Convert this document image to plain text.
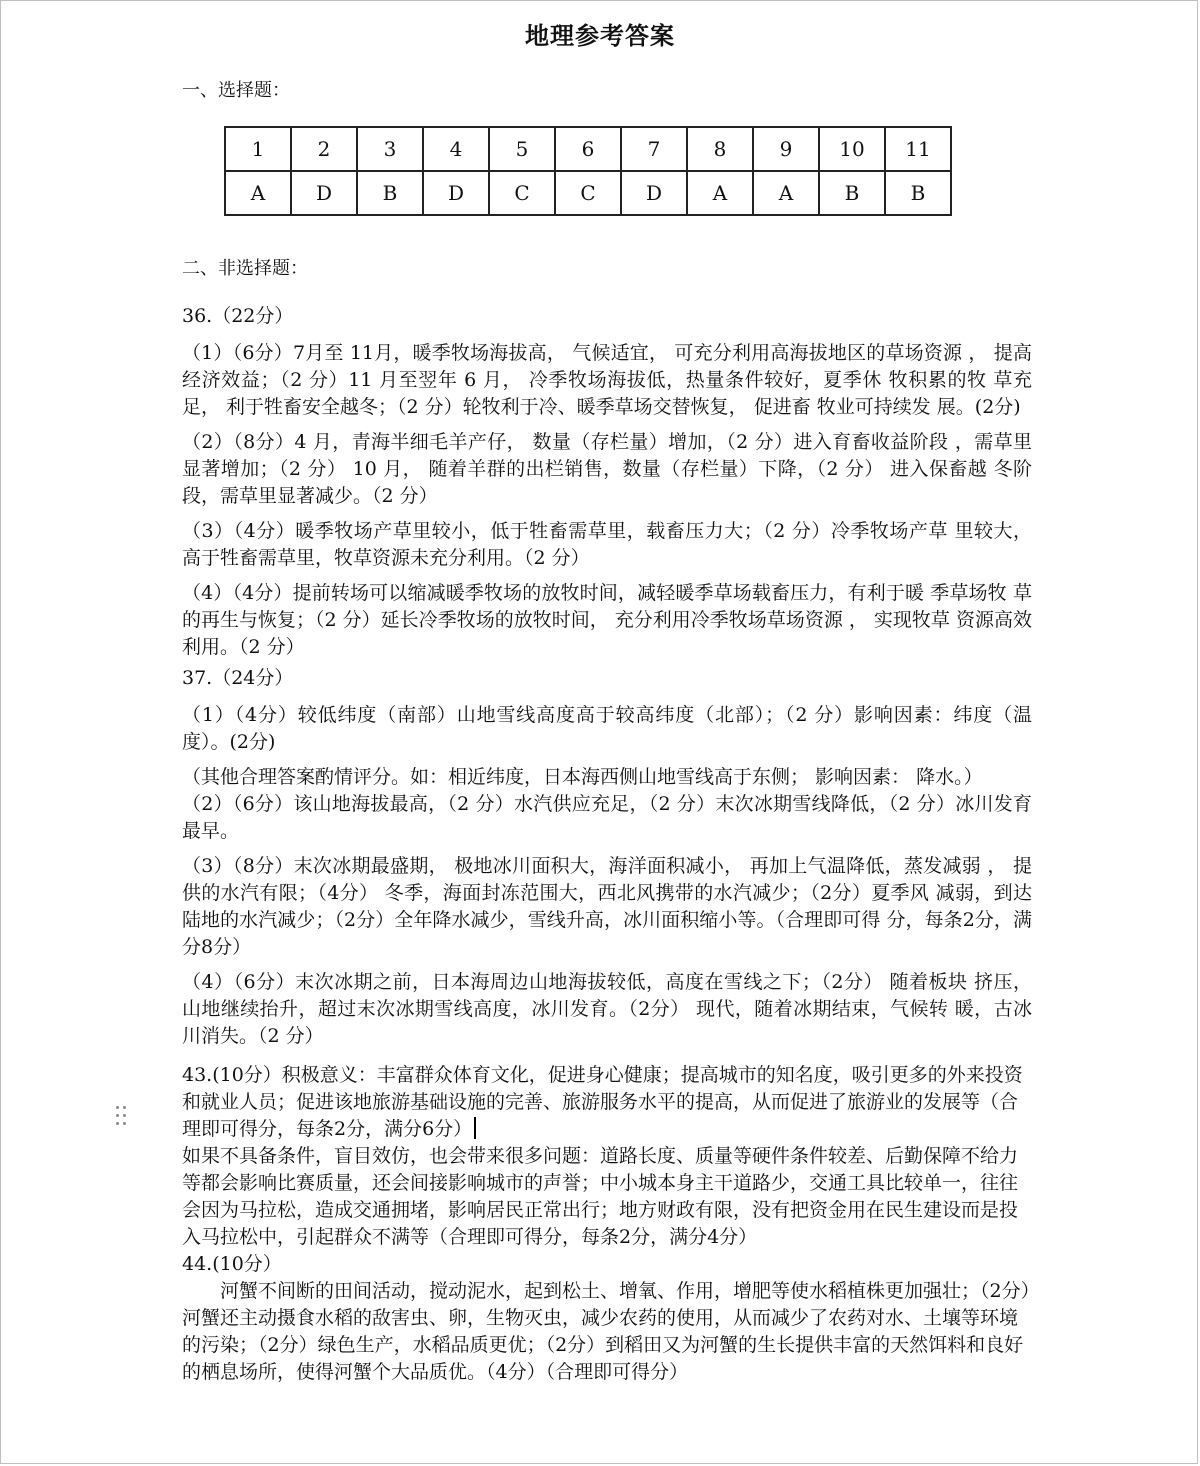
地理参考答案
一、选择题：
1	2	3	4	5	6	7	8	9	10	11
A	D	B	D	C	C	D	A	A	B	B
二、非选择题：
36.（22分）
（1）（6分）7月至 11月，暖季牧场海拔高， 气候适宜， 可充分利用高海拔地区的草场资源 ， 提高 经济效益；（2 分）11 月至翌年 6 月， 冷季牧场海拔低，热量条件较好，夏季休 牧积累的牧 草充足， 利于牲畜安全越冬；（2 分）轮牧利于冷、暖季草场交替恢复， 促进畜 牧业可持续发 展。(2分)
（2）（8分）4 月，青海半细毛羊产仔， 数量（存栏量）增加，（2 分）进入育畜收益阶段 ，需草里 显著增加；（2 分） 10 月， 随着羊群的出栏销售，数量（存栏量）下降，（2 分） 进入保畜越 冬阶段，需草里显著减少。（2 分）
（3）（4分）暖季牧场产草里较小，低于牲畜需草里，载畜压力大；（2 分）冷季牧场产草 里较大， 高于牲畜需草里，牧草资源未充分利用。（2 分）
（4）（4分）提前转场可以缩减暖季牧场的放牧时间，减轻暖季草场载畜压力，有利于暖 季草场牧 草的再生与恢复；（2 分）延长冷季牧场的放牧时间， 充分利用冷季牧场草场资源 ， 实现牧草 资源高效利用。（2 分）
37.（24分）
（1）（4分）较低纬度（南部）山地雪线高度高于较高纬度（北部）；（2 分）影响因素：纬度（温 度）。(2分)
（其他合理答案酌情评分。如：相近纬度，日本海西侧山地雪线高于东侧； 影响因素： 降水。）
（2）（6分）该山地海拔最高，（2 分）水汽供应充足，（2 分）末次冰期雪线降低，（2 分）冰川发育最早。
（3）（8分）末次冰期最盛期， 极地冰川面积大，海洋面积减小， 再加上气温降低，蒸发减弱 ， 提供的水汽有限；（4分） 冬季，海面封冻范围大，西北风携带的水汽减少；（2分）夏季风 减弱，到达陆地的水汽减少；（2分）全年降水减少，雪线升高，冰川面积缩小等。（合理即可得 分，每条2分，满分8分）
（4）（6分）末次冰期之前，日本海周边山地海拔较低，高度在雪线之下；（2分） 随着板块 挤压， 山地继续抬升，超过末次冰期雪线高度，冰川发育。（2分） 现代，随着冰期结束，气候转 暖，古冰川消失。（2 分）
43.(10分）积极意义：丰富群众体育文化，促进身心健康；提高城市的知名度，吸引更多的外来投资和就业人员；促进该地旅游基础设施的完善、旅游服务水平的提高，从而促进了旅游业的发展等（合理即可得分，每条2分，满分6分）
如果不具备条件，盲目效仿，也会带来很多问题：道路长度、质量等硬件条件较差、后勤保障不给力等都会影响比赛质量，还会间接影响城市的声誉；中小城本身主干道路少，交通工具比较单一，往往会因为马拉松，造成交通拥堵，影响居民正常出行；地方财政有限，没有把资金用在民生建设而是投入马拉松中，引起群众不满等（合理即可得分，每条2分，满分4分）
44.(10分）
河蟹不间断的田间活动，搅动泥水，起到松土、增氧、作用，增肥等使水稻植株更加强壮；（2分）河蟹还主动摄食水稻的敌害虫、卵，生物灭虫，减少农药的使用，从而减少了农药对水、土壤等环境的污染；（2分）绿色生产，水稻品质更优；（2分）到稻田又为河蟹的生长提供丰富的天然饵料和良好的栖息场所，使得河蟹个大品质优。（4分）（合理即可得分）
